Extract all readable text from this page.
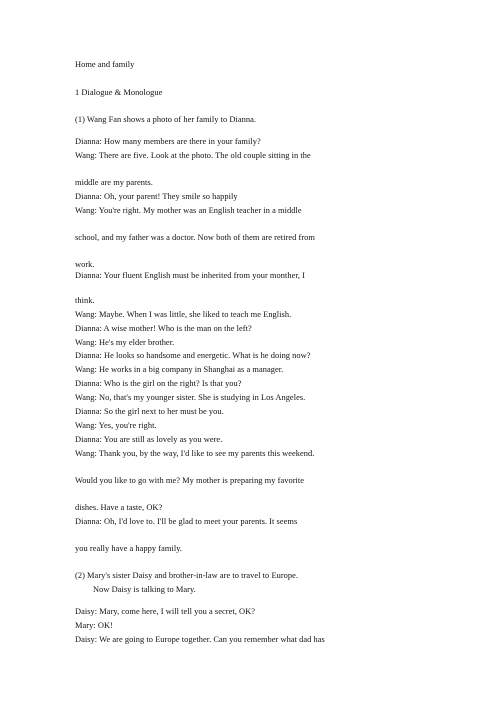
Home and family
1 Dialogue & Monologue
(1) Wang Fan shows a photo of her family to Dianna.
Dianna: How many members are there in your family?
Wang: There are five. Look at the photo. The old couple sitting in the
middle are my parents.
Dianna: Oh, your parent! They smile so happily
Wang: You're right. My mother was an English teacher in a middle
school, and my father was a doctor. Now both of them are retired from
work.
Dianna: Your fluent English must be inherited from your monther, I
think.
Wang: Maybe. When I was little, she liked to teach me English.
Dianna: A wise mother! Who is the man on the left?
Wang: He's my elder brother.
Dianna: He looks so handsome and energetic. What is he doing now?
Wang: He works in a big company in Shanghai as a manager.
Dianna: Who is the girl on the right? Is that you?
Wang: No, that's my younger sister. She is studying in Los Angeles.
Dianna: So the girl next to her must be you.
Wang: Yes, you're right.
Dianna: You are still as lovely as you were.
Wang: Thank you, by the way, I'd like to see my parents this weekend.
Would you like to go with me? My mother is preparing my favorite
dishes. Have a taste, OK?
Dianna: Oh, I'd love to. I'll be glad to meet your parents. It seems
you really have a happy family.
(2) Mary's sister Daisy and brother-in-law are to travel to Europe.
Now Daisy is talking to Mary.
Daisy: Mary, come here, I will tell you a secret, OK?
Mary: OK!
Daisy: We are going to Europe together. Can you remember what dad has
